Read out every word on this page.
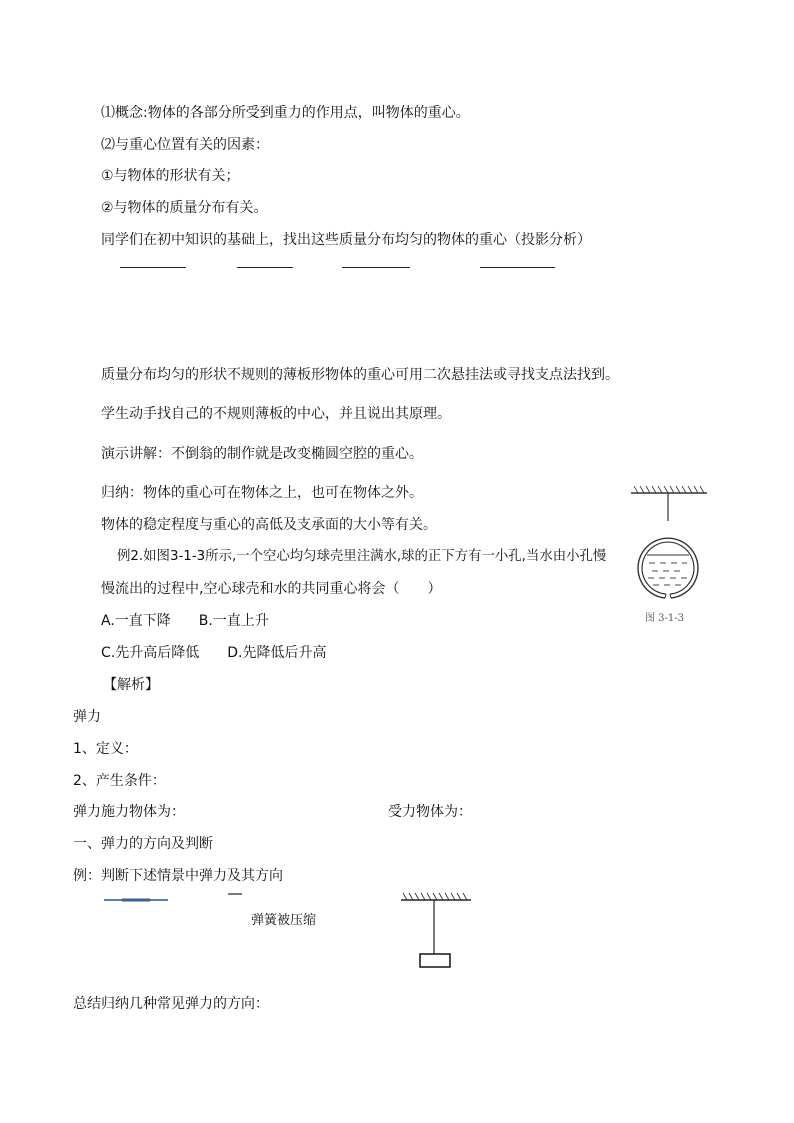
⑴概念:物体的各部分所受到重力的作用点，叫物体的重心。
⑵与重心位置有关的因素：
①与物体的形状有关；
②与物体的质量分布有关。
同学们在初中知识的基础上，找出这些质量分布均匀的物体的重心（投影分析）
质量分布均匀的形状不规则的薄板形物体的重心可用二次悬挂法或寻找支点法找到。
学生动手找自己的不规则薄板的中心，并且说出其原理。
演示讲解：不倒翁的制作就是改变椭圆空腔的重心。
归纳：物体的重心可在物体之上，也可在物体之外。
物体的稳定程度与重心的高低及支承面的大小等有关。
例2.如图3-1-3所示,一个空心均匀球壳里注满水,球的正下方有一小孔,当水由小孔慢
慢流出的过程中,空心球壳和水的共同重心将会（　　）
A.一直下降　　B.一直上升
C.先升高后降低　　D.先降低后升高
【解析】
图 3-1-3
弹力
1、定义：
2、产生条件：
弹力施力物体为：	受力物体为：
一、弹力的方向及判断
例：判断下述情景中弹力及其方向
弹簧被压缩
总结归纳几种常见弹力的方向：
